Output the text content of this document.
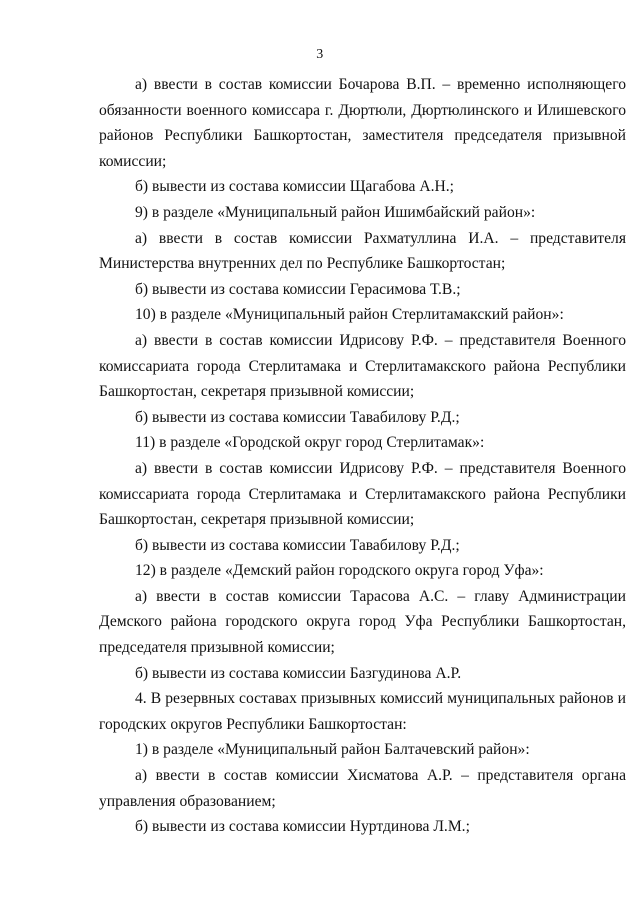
3

а) ввести в состав комиссии Бочарова В.П. – временно исполняющего обязанности военного комиссара г. Дюртюли, Дюртюлинского и Илишевского районов Республики Башкортостан, заместителя председателя призывной комиссии;

б) вывести из состава комиссии Щагабова А.Н.;

9) в разделе «Муниципальный район Ишимбайский район»:

а) ввести в состав комиссии Рахматуллина И.А. – представителя Министерства внутренних дел по Республике Башкортостан;

б) вывести из состава комиссии Герасимова Т.В.;

10) в разделе «Муниципальный район Стерлитамакский район»:

а) ввести в состав комиссии Идрисову Р.Ф. – представителя Военного комиссариата города Стерлитамака и Стерлитамакского района Республики Башкортостан, секретаря призывной комиссии;

б) вывести из состава комиссии Тавабилову Р.Д.;

11) в разделе «Городской округ город Стерлитамак»:

а) ввести в состав комиссии Идрисову Р.Ф. – представителя Военного комиссариата города Стерлитамака и Стерлитамакского района Республики Башкортостан, секретаря призывной комиссии;

б) вывести из состава комиссии Тавабилову Р.Д.;

12) в разделе «Демский район городского округа город Уфа»:

а) ввести в состав комиссии Тарасова А.С. – главу Администрации Демского района городского округа город Уфа Республики Башкортостан, председателя призывной комиссии;

б) вывести из состава комиссии Базгудинова А.Р.

4. В резервных составах призывных комиссий муниципальных районов и городских округов Республики Башкортостан:

1) в разделе «Муниципальный район Балтачевский район»:

а) ввести в состав комиссии Хисматова А.Р. – представителя органа управления образованием;

б) вывести из состава комиссии Нуртдинова Л.М.;
